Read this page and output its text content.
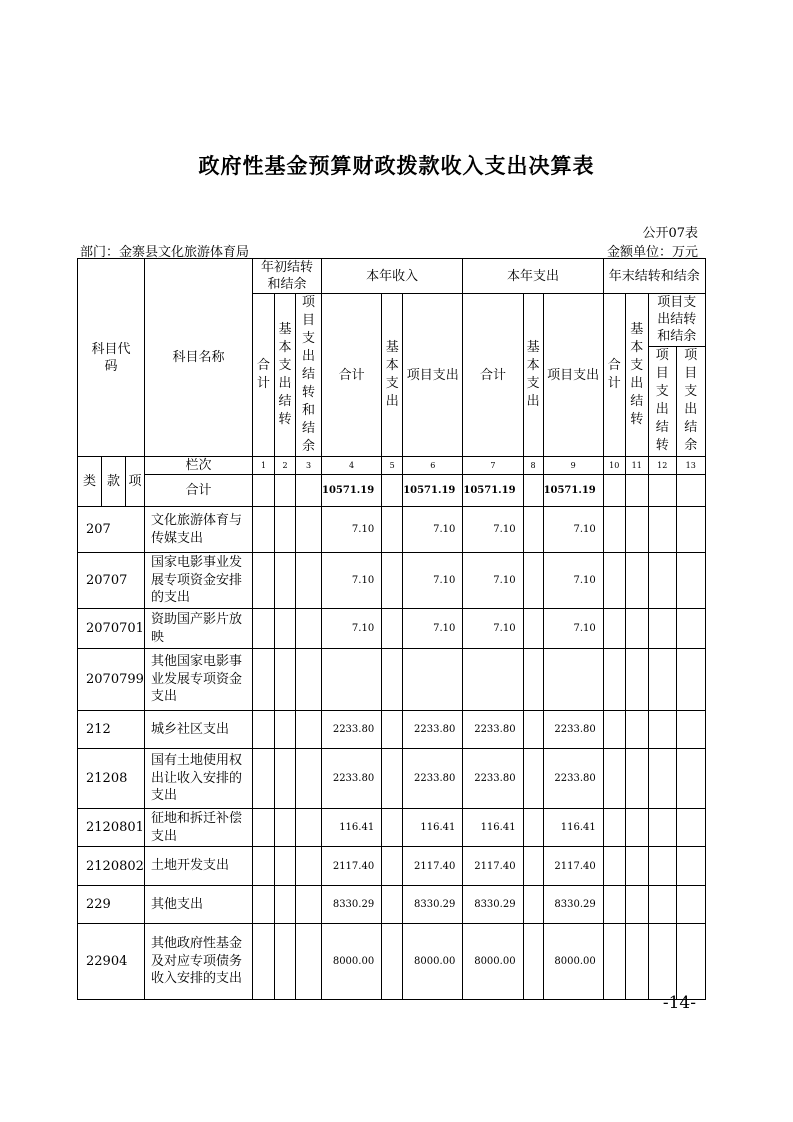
政府性基金预算财政拨款收入支出决算表
公开07表
部门：金寨县文化旅游体育局	金额单位：万元
科目代码			科目名称	年初结转和结余			本年收入			本年支出			年末结转和结余			
				合计	基本支出结转	项目支出结转和结余	合计	基本支出	项目支出	合计	基本支出	项目支出	合计	基本支出结转	项目支出结转和结余	

															项目支出结转	项目支出结余
类	款	项	栏次	1	2	3	4	5	6	7	8	9	10	11	12	13
			合计				10571.19		10571.19	10571.19		10571.19				
207			文化旅游体育与传媒支出				7.10		7.10	7.10		7.10				
20707			国家电影事业发展专项资金安排的支出				7.10		7.10	7.10		7.10				
2070701			资助国产影片放映				7.10		7.10	7.10		7.10				
2070799			其他国家电影事业发展专项资金支出													
212			城乡社区支出				2233.80		2233.80	2233.80		2233.80				
21208			国有土地使用权出让收入安排的支出				2233.80		2233.80	2233.80		2233.80				
2120801			征地和拆迁补偿支出				116.41		116.41	116.41		116.41				
2120802			土地开发支出				2117.40		2117.40	2117.40		2117.40				
229			其他支出				8330.29		8330.29	8330.29		8330.29				
22904			其他政府性基金及对应专项债务收入安排的支出				8000.00		8000.00	8000.00		8000.00				
-14-
